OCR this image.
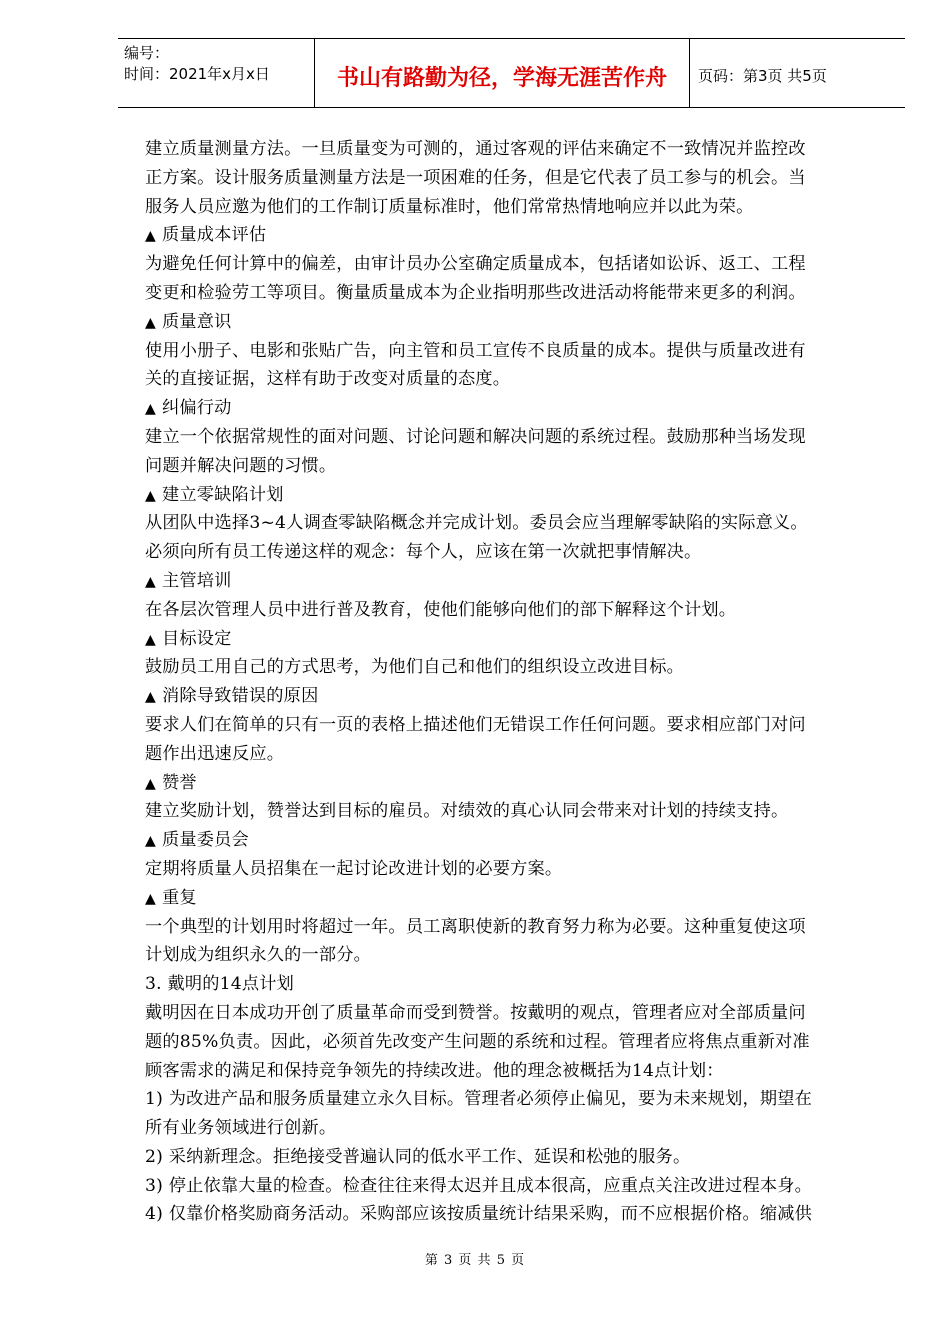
编号：
时间：2021年x月x日	书山有路勤为径，学海无涯苦作舟	页码：第3页 共5页
建立质量测量方法。一旦质量变为可测的，通过客观的评估来确定不一致情况并监控改
正方案。设计服务质量测量方法是一项困难的任务，但是它代表了员工参与的机会。当
服务人员应邀为他们的工作制订质量标准时，他们常常热情地响应并以此为荣。
▲ 质量成本评估
为避免任何计算中的偏差，由审计员办公室确定质量成本，包括诸如讼诉、返工、工程
变更和检验劳工等项目。衡量质量成本为企业指明那些改进活动将能带来更多的利润。
▲ 质量意识
使用小册子、电影和张贴广告，向主管和员工宣传不良质量的成本。提供与质量改进有
关的直接证据，这样有助于改变对质量的态度。
▲ 纠偏行动
建立一个依据常规性的面对问题、讨论问题和解决问题的系统过程。鼓励那种当场发现
问题并解决问题的习惯。
▲ 建立零缺陷计划
从团队中选择3~4人调查零缺陷概念并完成计划。委员会应当理解零缺陷的实际意义。
必须向所有员工传递这样的观念：每个人，应该在第一次就把事情解决。
▲ 主管培训
在各层次管理人员中进行普及教育，使他们能够向他们的部下解释这个计划。
▲ 目标设定
鼓励员工用自己的方式思考，为他们自己和他们的组织设立改进目标。
▲ 消除导致错误的原因
要求人们在简单的只有一页的表格上描述他们无错误工作任何问题。要求相应部门对问
题作出迅速反应。
▲ 赞誉
建立奖励计划，赞誉达到目标的雇员。对绩效的真心认同会带来对计划的持续支持。
▲ 质量委员会
定期将质量人员招集在一起讨论改进计划的必要方案。
▲ 重复
一个典型的计划用时将超过一年。员工离职使新的教育努力称为必要。这种重复使这项
计划成为组织永久的一部分。
3. 戴明的14点计划
戴明因在日本成功开创了质量革命而受到赞誉。按戴明的观点，管理者应对全部质量问
题的85%负责。因此，必须首先改变产生问题的系统和过程。管理者应将焦点重新对准
顾客需求的满足和保持竞争领先的持续改进。他的理念被概括为14点计划：
1) 为改进产品和服务质量建立永久目标。管理者必须停止偏见，要为未来规划，期望在
所有业务领域进行创新。
2) 采纳新理念。拒绝接受普遍认同的低水平工作、延误和松弛的服务。
3) 停止依靠大量的检查。检查往往来得太迟并且成本很高，应重点关注改进过程本身。
4) 仅靠价格奖励商务活动。采购部应该按质量统计结果采购，而不应根据价格。缩减供
第 3 页 共 5 页
